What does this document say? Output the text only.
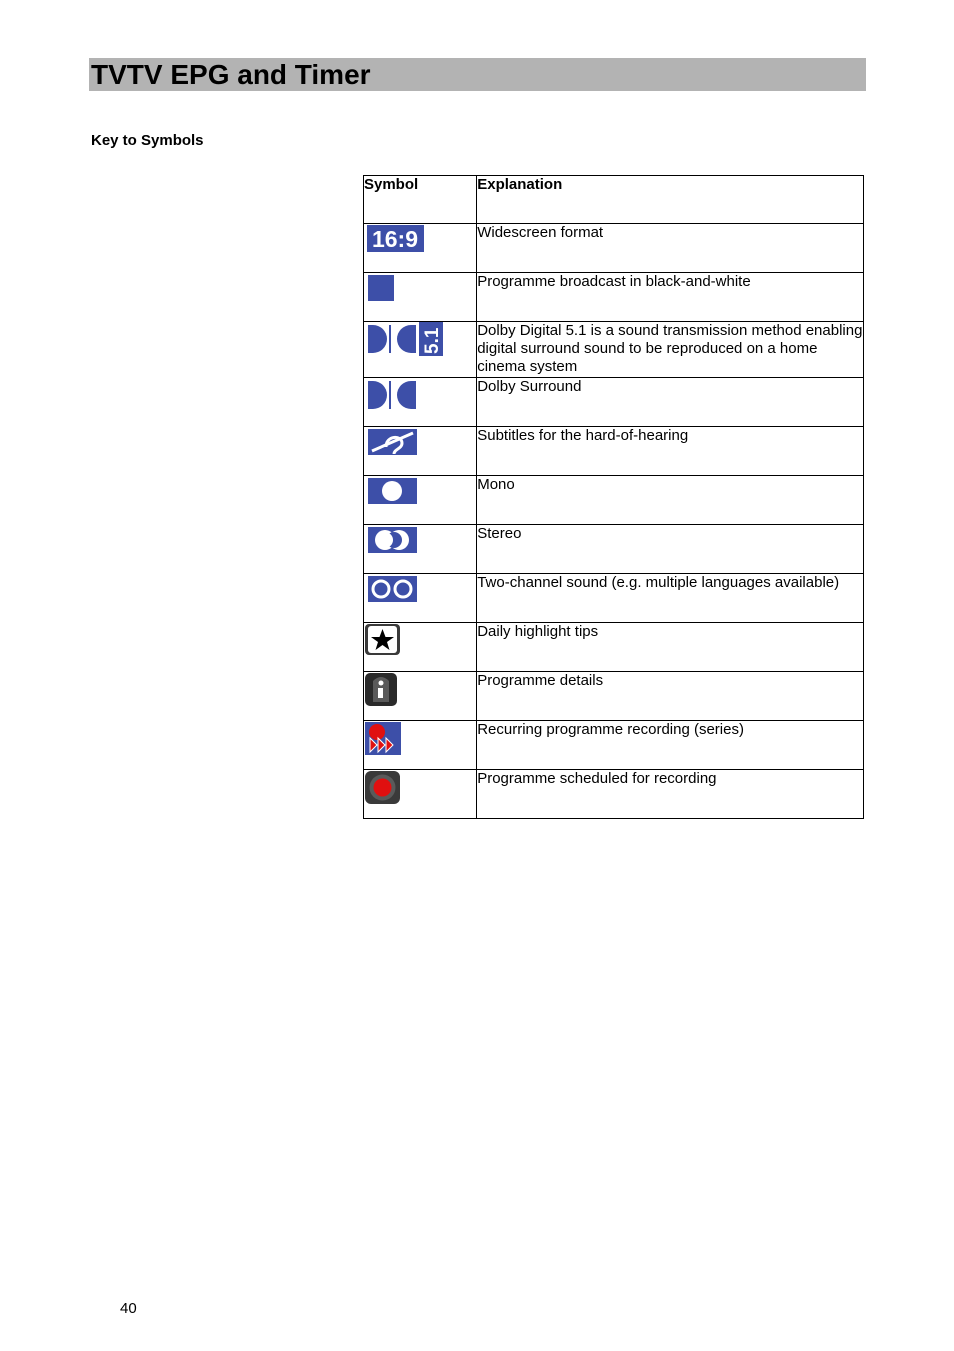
TVTV EPG and Timer
Key to Symbols
Symbol	Explanation

16:9	Widescreen format

	Programme broadcast in black-and-white

5.1	Dolby Digital 5.1 is a sound transmission method enabling digital surround sound to be reproduced on a home cinema system

	Dolby Surround

	Subtitles for the hard-of-hearing

	Mono

	Stereo

	Two-channel sound (e.g. multiple languages available)

	Daily highlight tips

	Programme details

	Recurring programme recording (series)

	Programme scheduled for recording
40
